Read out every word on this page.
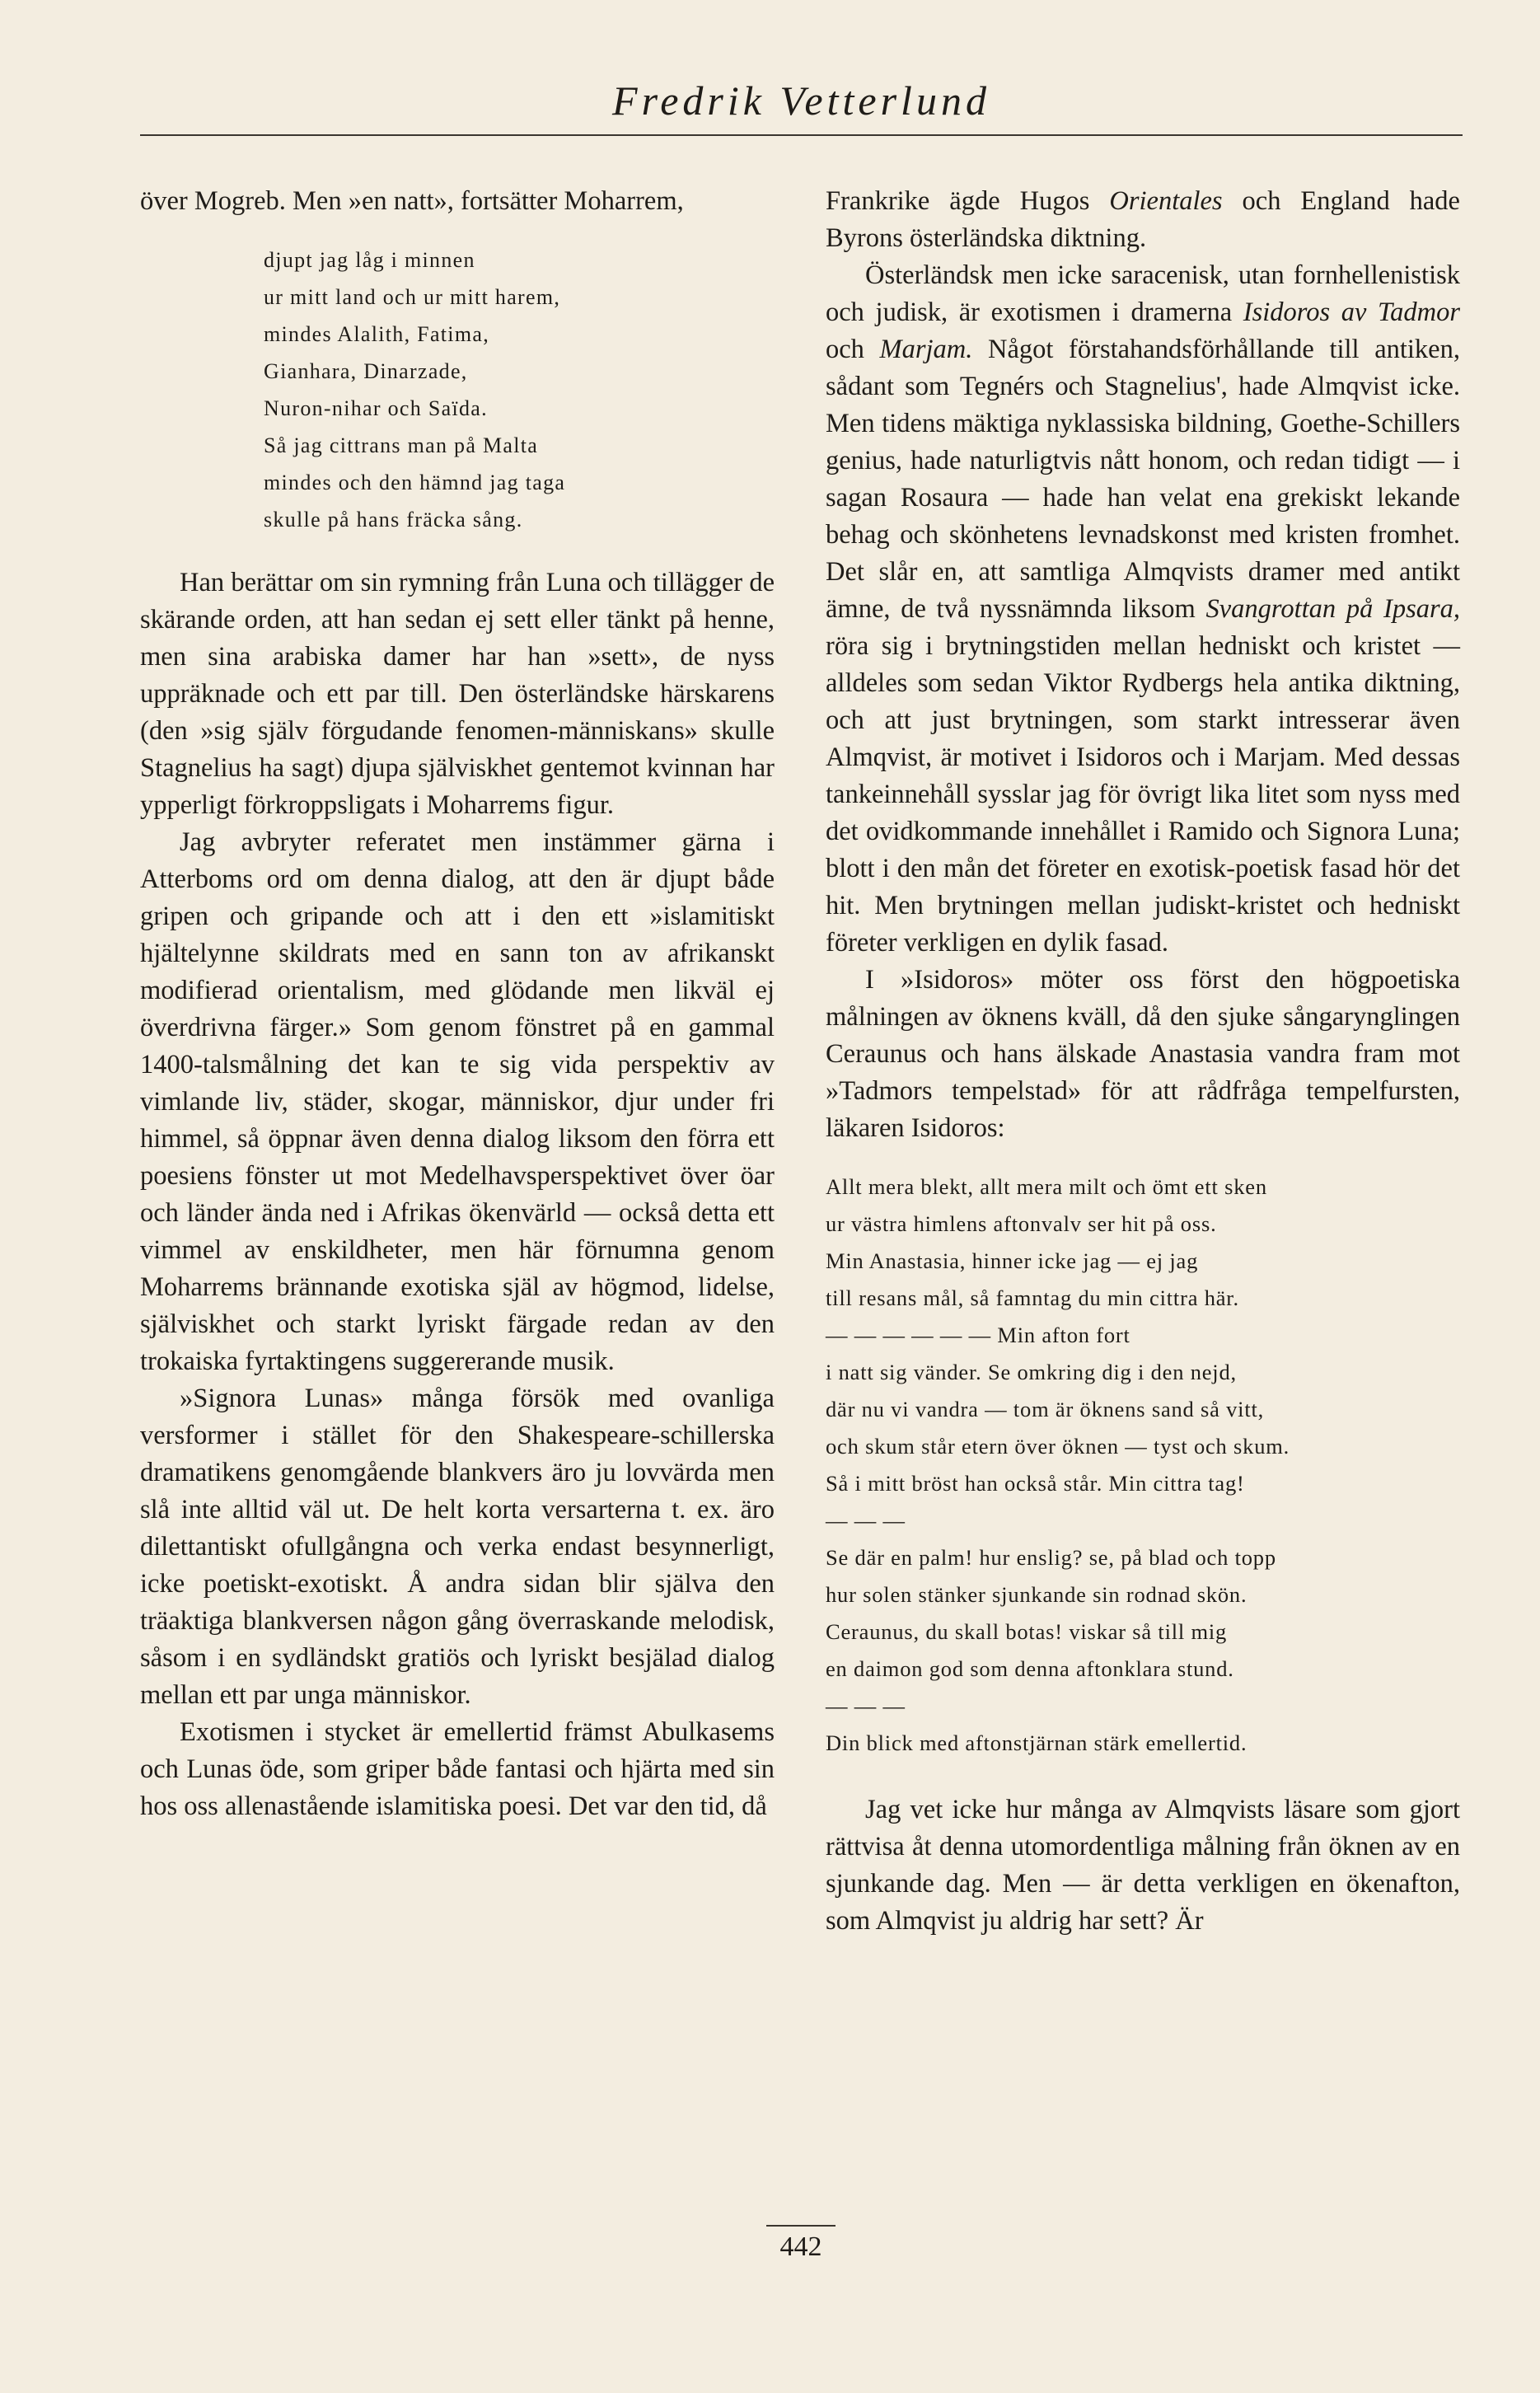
Fredrik Vetterlund

över Mogreb. Men »en natt», fortsätter Moharrem,

djupt jag låg i minnen
ur mitt land och ur mitt harem,
mindes Alalith, Fatima,
Gianhara, Dinarzade,
Nuron-nihar och Saïda.
Så jag cittrans man på Malta
mindes och den hämnd jag taga
skulle på hans fräcka sång.

Han berättar om sin rymning från Luna och tillägger de skärande orden, att han sedan ej sett eller tänkt på henne, men sina arabiska damer har han »sett», de nyss uppräknade och ett par till. Den österländske härskarens (den »sig själv förgudande fenomen-människans» skulle Stagnelius ha sagt) djupa själviskhet gentemot kvinnan har ypperligt förkroppsligats i Moharrems figur.

Jag avbryter referatet men instämmer gärna i Atterboms ord om denna dialog, att den är djupt både gripen och gripande och att i den ett »islamitiskt hjältelynne skildrats med en sann ton av afrikanskt modifierad orientalism, med glödande men likväl ej överdrivna färger.» Som genom fönstret på en gammal 1400-talsmålning det kan te sig vida perspektiv av vimlande liv, städer, skogar, människor, djur under fri himmel, så öppnar även denna dialog liksom den förra ett poesiens fönster ut mot Medelhavsperspektivet över öar och länder ända ned i Afrikas ökenvärld — också detta ett vimmel av enskildheter, men här förnumna genom Moharrems brännande exotiska själ av högmod, lidelse, själviskhet och starkt lyriskt färgade redan av den trokaiska fyrtaktingens suggererande musik.

»Signora Lunas» många försök med ovanliga versformer i stället för den Shakespeare-schillerska dramatikens genomgående blankvers äro ju lovvärda men slå inte alltid väl ut. De helt korta versarterna t. ex. äro dilettantiskt ofullgångna och verka endast besynnerligt, icke poetiskt-exotiskt. Å andra sidan blir själva den träaktiga blankversen någon gång överraskande melodisk, såsom i en sydländskt gratiös och lyriskt besjälad dialog mellan ett par unga människor.

Exotismen i stycket är emellertid främst Abulkasems och Lunas öde, som griper både fantasi och hjärta med sin hos oss allenastående islamitiska poesi. Det var den tid, då

Frankrike ägde Hugos Orientales och England hade Byrons österländska diktning.

Österländsk men icke saracenisk, utan fornhellenistisk och judisk, är exotismen i dramerna Isidoros av Tadmor och Marjam. Något förstahandsförhållande till antiken, sådant som Tegnérs och Stagnelius', hade Almqvist icke. Men tidens mäktiga nyklassiska bildning, Goethe-Schillers genius, hade naturligtvis nått honom, och redan tidigt — i sagan Rosaura — hade han velat ena grekiskt lekande behag och skönhetens levnadskonst med kristen fromhet. Det slår en, att samtliga Almqvists dramer med antikt ämne, de två nyssnämnda liksom Svangrottan på Ipsara, röra sig i brytningstiden mellan hedniskt och kristet — alldeles som sedan Viktor Rydbergs hela antika diktning, och att just brytningen, som starkt intresserar även Almqvist, är motivet i Isidoros och i Marjam. Med dessas tankeinnehåll sysslar jag för övrigt lika litet som nyss med det ovidkommande innehållet i Ramido och Signora Luna; blott i den mån det företer en exotisk-poetisk fasad hör det hit. Men brytningen mellan judiskt-kristet och hedniskt företer verkligen en dylik fasad.

I »Isidoros» möter oss först den högpoetiska målningen av öknens kväll, då den sjuke sångarynglingen Ceraunus och hans älskade Anastasia vandra fram mot »Tadmors tempelstad» för att rådfråga tempelfursten, läkaren Isidoros:

Allt mera blekt, allt mera milt och ömt ett sken
ur västra himlens aftonvalv ser hit på oss.
Min Anastasia, hinner icke jag — ej jag
till resans mål, så famntag du min cittra här.
— — — — — — Min afton fort
i natt sig vänder. Se omkring dig i den nejd,
där nu vi vandra — tom är öknens sand så vitt,
och skum står etern över öknen — tyst och skum.
Så i mitt bröst han också står. Min cittra tag!
— — —
Se där en palm! hur enslig? se, på blad och topp
hur solen stänker sjunkande sin rodnad skön.
Ceraunus, du skall botas! viskar så till mig
en daimon god som denna aftonklara stund.
— — —
Din blick med aftonstjärnan stärk emellertid.

Jag vet icke hur många av Almqvists läsare som gjort rättvisa åt denna utomordentliga målning från öknen av en sjunkande dag. Men — är detta verkligen en ökenafton, som Almqvist ju aldrig har sett? Är

442
